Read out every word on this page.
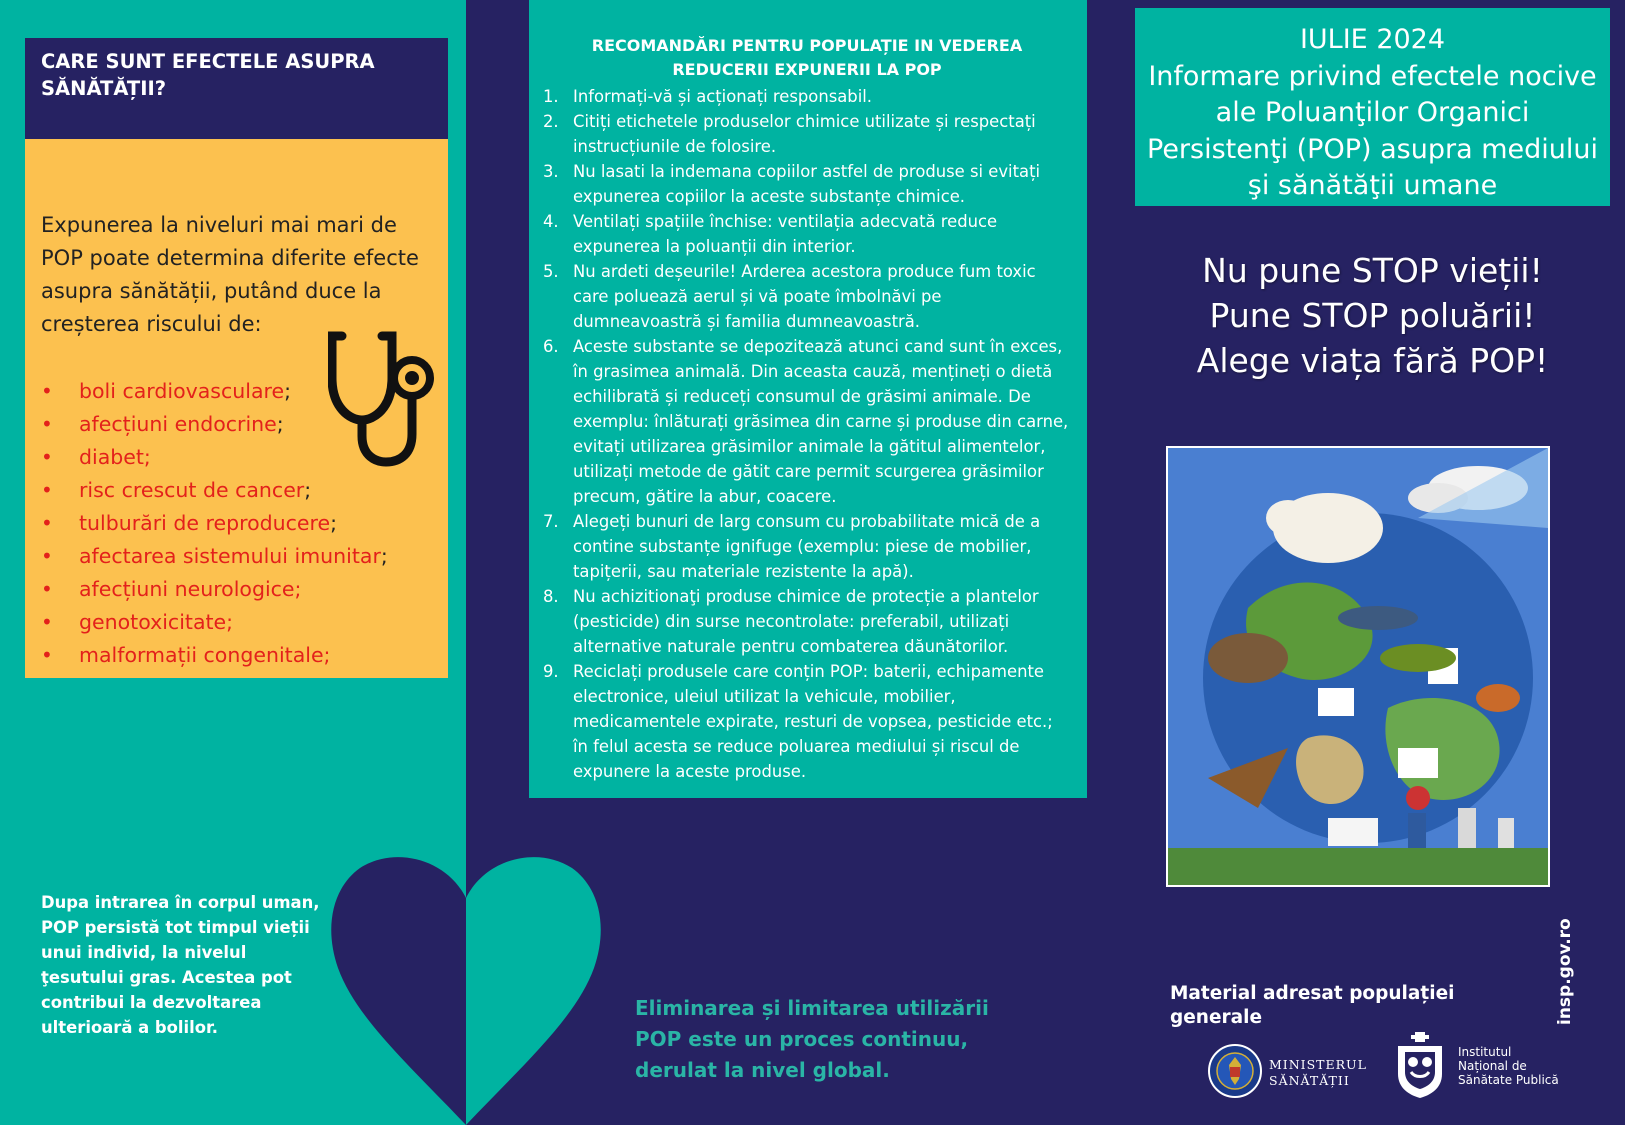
CARE SUNT EFECTELE ASUPRA SĂNĂTĂȚII?
Expunerea la niveluri mai mari de POP poate determina diferite efecte asupra sănătății, putând duce la creșterea riscului de:
• boli cardiovasculare;
• afecțiuni endocrine;
• diabet;
• risc crescut de cancer;
• tulburări de reproducere;
• afectarea sistemului imunitar;
• afecțiuni neurologice;
• genotoxicitate;
• malformații congenitale;
Dupa intrarea în corpul uman, POP persistă tot timpul vieții unui individ, la nivelul ţesutului gras. Acestea pot contribui la dezvoltarea ulterioară a bolilor.
RECOMANDĂRI PENTRU POPULAȚIE IN VEDEREA REDUCERII EXPUNERII LA POP
1. Informați-vă și acționați responsabil.
2. Citiți etichetele produselor chimice utilizate și respectați instrucțiunile de folosire.
3. Nu lasati la indemana copiilor astfel de produse si evitați expunerea copiilor la aceste substanțe chimice.
4. Ventilați spațiile închise: ventilația adecvată reduce expunerea la poluanții din interior.
5. Nu ardeti deșeurile! Arderea acestora produce fum toxic care poluează aerul și vă poate îmbolnăvi pe dumneavoastră și familia dumneavoastră.
6. Aceste substante se depozitează atunci cand sunt în exces, în grasimea animală. Din aceasta cauză, mențineți o dietă echilibrată și reduceți consumul de grăsimi animale. De exemplu: înlăturați grăsimea din carne și produse din carne, evitați utilizarea grăsimilor animale la gătitul alimentelor, utilizați metode de gătit care permit scurgerea grăsimilor precum, gătire la abur, coacere.
7. Alegeți bunuri de larg consum cu probabilitate mică de a contine substanțe ignifuge (exemplu: piese de mobilier, tapițerii, sau materiale rezistente la apă).
8. Nu achizitionaţi produse chimice de protecție a plantelor (pesticide) din surse necontrolate: preferabil, utilizați alternative naturale pentru combaterea dăunătorilor.
9. Reciclați produsele care conțin POP: baterii, echipamente electronice, uleiul utilizat la vehicule, mobilier, medicamentele expirate, resturi de vopsea, pesticide etc.; în felul acesta se reduce poluarea mediului și riscul de expunere la aceste produse.
Eliminarea și limitarea utilizării POP este un proces continuu, derulat la nivel global.
IULIE 2024
Informare privind efectele nocive ale Poluanţilor Organici Persistenţi (POP) asupra mediului şi sănătăţii umane
Nu pune STOP vieții!
Pune STOP poluării!
Alege viața fără POP!
Material adresat populației generale	insp.gov.ro
MINISTERUL
SĂNĂTĂȚII
Institutul
Național de
Sănătate Publică
